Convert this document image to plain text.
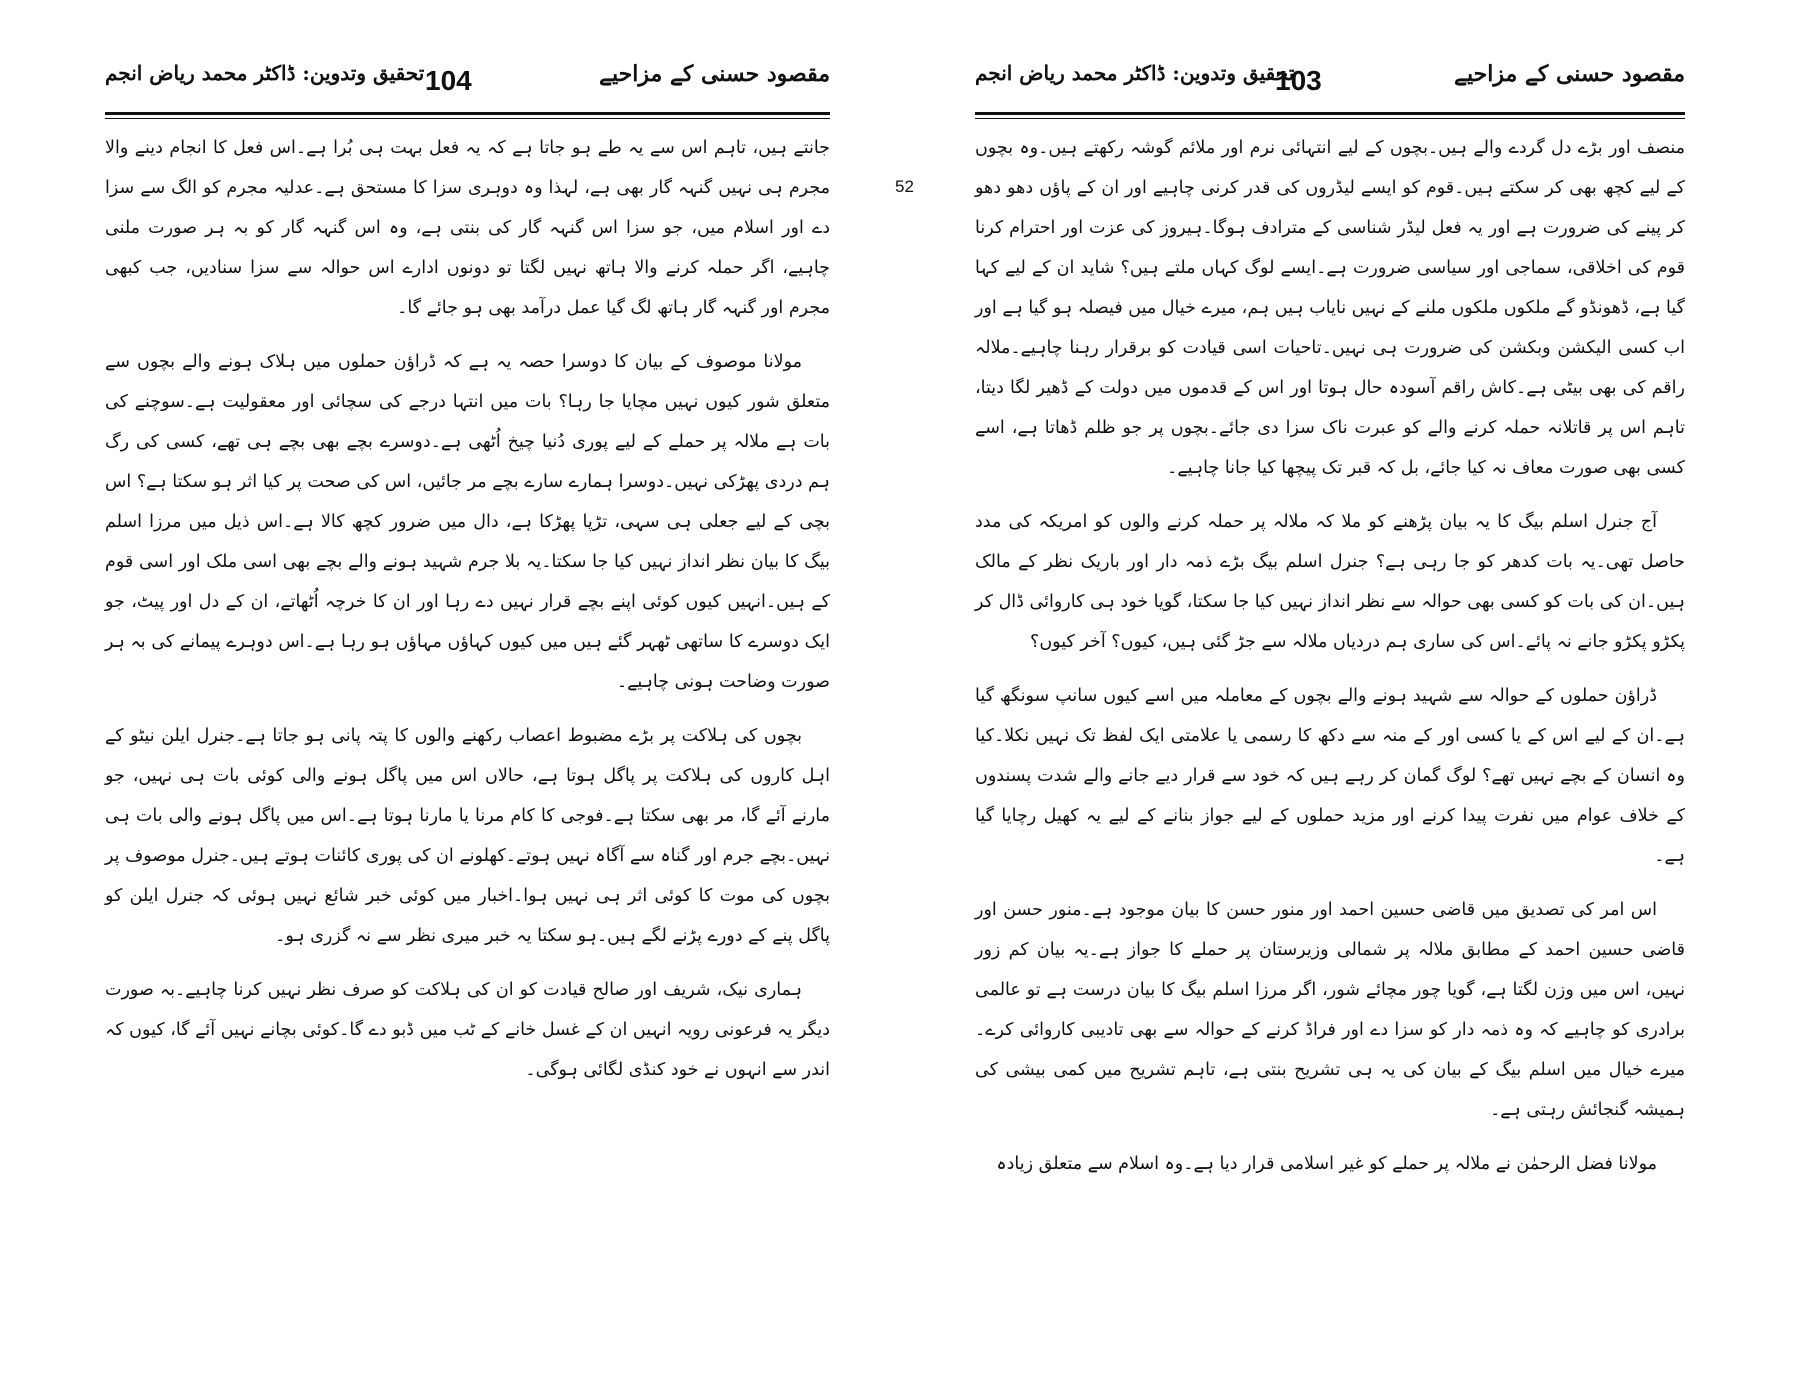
مقصود حسنی کے مزاحیے
104
تحقیق وتدوین: ڈاکٹر محمد ریاض انجم

جانتے ہیں، تاہم اس سے یہ طے ہو جاتا ہے کہ یہ فعل بہت ہی بُرا ہے۔اس فعل کا انجام دینے والا مجرم ہی نہیں گنہہ گار بھی ہے، لہذا وہ دوہری سزا کا مستحق ہے۔عدلیہ مجرم کو الگ سے سزا دے اور اسلام میں، جو سزا اس گنہہ گار کی بنتی ہے، وہ اس گنہہ گار کو بہ ہر صورت ملنی چاہیے، اگر حملہ کرنے والا ہاتھ نہیں لگتا تو دونوں ادارے اس حوالہ سے سزا سنادیں، جب کبھی مجرم اور گنہہ گار ہاتھ لگ گیا عمل درآمد بھی ہو جائے گا۔

مولانا موصوف کے بیان کا دوسرا حصہ یہ ہے کہ ڈراؤن حملوں میں ہلاک ہونے والے بچوں سے متعلق شور کیوں نہیں مچایا جا رہا؟ بات میں انتہا درجے کی سچائی اور معقولیت ہے۔سوچنے کی بات ہے ملالہ پر حملے کے لیے پوری دُنیا چیخ اُٹھی ہے۔دوسرے بچے بھی بچے ہی تھے، کسی کی رگ ہم دردی پھڑکی نہیں۔دوسرا ہمارے سارے بچے مر جائیں، اس کی صحت پر کیا اثر ہو سکتا ہے؟ اس بچی کے لیے جعلی ہی سہی، تڑپا پھڑکا ہے، دال میں ضرور کچھ کالا ہے۔اس ذیل میں مرزا اسلم بیگ کا بیان نظر انداز نہیں کیا جا سکتا۔یہ بلا جرم شہید ہونے والے بچے بھی اسی ملک اور اسی قوم کے ہیں۔انہیں کیوں کوئی اپنے بچے قرار نہیں دے رہا اور ان کا خرچہ اُٹھاتے، ان کے دل اور پیٹ، جو ایک دوسرے کا ساتھی ٹھہر گئے ہیں میں کیوں کہاؤں مہاؤں ہو رہا ہے۔اس دوہرے پیمانے کی بہ ہر صورت وضاحت ہونی چاہیے۔

بچوں کی ہلاکت پر بڑے مضبوط اعصاب رکھنے والوں کا پتہ پانی ہو جاتا ہے۔جنرل ایلن نیٹو کے اہل کاروں کی ہلاکت پر پاگل ہوتا ہے، حالاں اس میں پاگل ہونے والی کوئی بات ہی نہیں، جو مارنے آئے گا، مر بھی سکتا ہے۔فوجی کا کام مرنا یا مارنا ہوتا ہے۔اس میں پاگل ہونے والی بات ہی نہیں۔بچے جرم اور گناہ سے آگاہ نہیں ہوتے۔کھلونے ان کی پوری کائنات ہوتے ہیں۔جنرل موصوف پر بچوں کی موت کا کوئی اثر ہی نہیں ہوا۔اخبار میں کوئی خبر شائع نہیں ہوئی کہ جنرل ایلن کو پاگل پنے کے دورے پڑنے لگے ہیں۔ہو سکتا یہ خبر میری نظر سے نہ گزری ہو۔

ہماری نیک، شریف اور صالح قیادت کو ان کی ہلاکت کو صرف نظر نہیں کرنا چاہیے۔بہ صورت دیگر یہ فرعونی رویہ انہیں ان کے غسل خانے کے ٹب میں ڈبو دے گا۔کوئی بچانے نہیں آئے گا، کیوں کہ اندر سے انہوں نے خود کنڈی لگائی ہوگی۔

52
مقصود حسنی کے مزاحیے
103
تحقیق وتدوین: ڈاکٹر محمد ریاض انجم

منصف اور بڑے دل گردے والے ہیں۔بچوں کے لیے انتہائی نرم اور ملائم گوشہ رکھتے ہیں۔وہ بچوں کے لیے کچھ بھی کر سکتے ہیں۔قوم کو ایسے لیڈروں کی قدر کرنی چاہیے اور ان کے پاؤں دھو دھو کر پینے کی ضرورت ہے اور یہ فعل لیڈر شناسی کے مترادف ہوگا۔ہیروز کی عزت اور احترام کرنا قوم کی اخلاقی، سماجی اور سیاسی ضرورت ہے۔ایسے لوگ کہاں ملتے ہیں؟ شاید ان کے لیے کہا گیا ہے، ڈھونڈو گے ملکوں ملکوں ملنے کے نہیں نایاب ہیں ہم، میرے خیال میں فیصلہ ہو گیا ہے اور اب کسی الیکشن وبکشن کی ضرورت ہی نہیں۔تاحیات اسی قیادت کو برقرار رہنا چاہیے۔ملالہ راقم کی بھی بیٹی ہے۔کاش راقم آسودہ حال ہوتا اور اس کے قدموں میں دولت کے ڈھیر لگا دیتا، تاہم اس پر قاتلانہ حملہ کرنے والے کو عبرت ناک سزا دی جائے۔بچوں پر جو ظلم ڈھاتا ہے، اسے کسی بھی صورت معاف نہ کیا جائے، بل کہ قبر تک پیچھا کیا جانا چاہیے۔

آج جنرل اسلم بیگ کا یہ بیان پڑھنے کو ملا کہ ملالہ پر حملہ کرنے والوں کو امریکہ کی مدد حاصل تھی۔یہ بات کدھر کو جا رہی ہے؟ جنرل اسلم بیگ بڑے ذمہ دار اور باریک نظر کے مالک ہیں۔ان کی بات کو کسی بھی حوالہ سے نظر انداز نہیں کیا جا سکتا، گویا خود ہی کاروائی ڈال کر پکڑو پکڑو جانے نہ پائے۔اس کی ساری ہم دردیاں ملالہ سے جڑ گئی ہیں، کیوں؟ آخر کیوں؟

ڈراؤن حملوں کے حوالہ سے شہید ہونے والے بچوں کے معاملہ میں اسے کیوں سانپ سونگھ گیا ہے۔ان کے لیے اس کے یا کسی اور کے منہ سے دکھ کا رسمی یا علامتی ایک لفظ تک نہیں نکلا۔کیا وہ انسان کے بچے نہیں تھے؟ لوگ گمان کر رہے ہیں کہ خود سے قرار دیے جانے والے شدت پسندوں کے خلاف عوام میں نفرت پیدا کرنے اور مزید حملوں کے لیے جواز بنانے کے لیے یہ کھیل رچایا گیا ہے۔

اس امر کی تصدیق میں قاضی حسین احمد اور منور حسن کا بیان موجود ہے۔منور حسن اور قاضی حسین احمد کے مطابق ملالہ پر شمالی وزیرستان پر حملے کا جواز ہے۔یہ بیان کم زور نہیں، اس میں وزن لگتا ہے، گویا چور مچائے شور، اگر مرزا اسلم بیگ کا بیان درست ہے تو عالمی برادری کو چاہیے کہ وہ ذمہ دار کو سزا دے اور فراڈ کرنے کے حوالہ سے بھی تادیبی کاروائی کرے۔میرے خیال میں اسلم بیگ کے بیان کی یہ ہی تشریح بنتی ہے، تاہم تشریح میں کمی بیشی کی ہمیشہ گنجائش رہتی ہے۔

مولانا فضل الرحمٰن نے ملالہ پر حملے کو غیر اسلامی قرار دیا ہے۔وہ اسلام سے متعلق زیادہ
